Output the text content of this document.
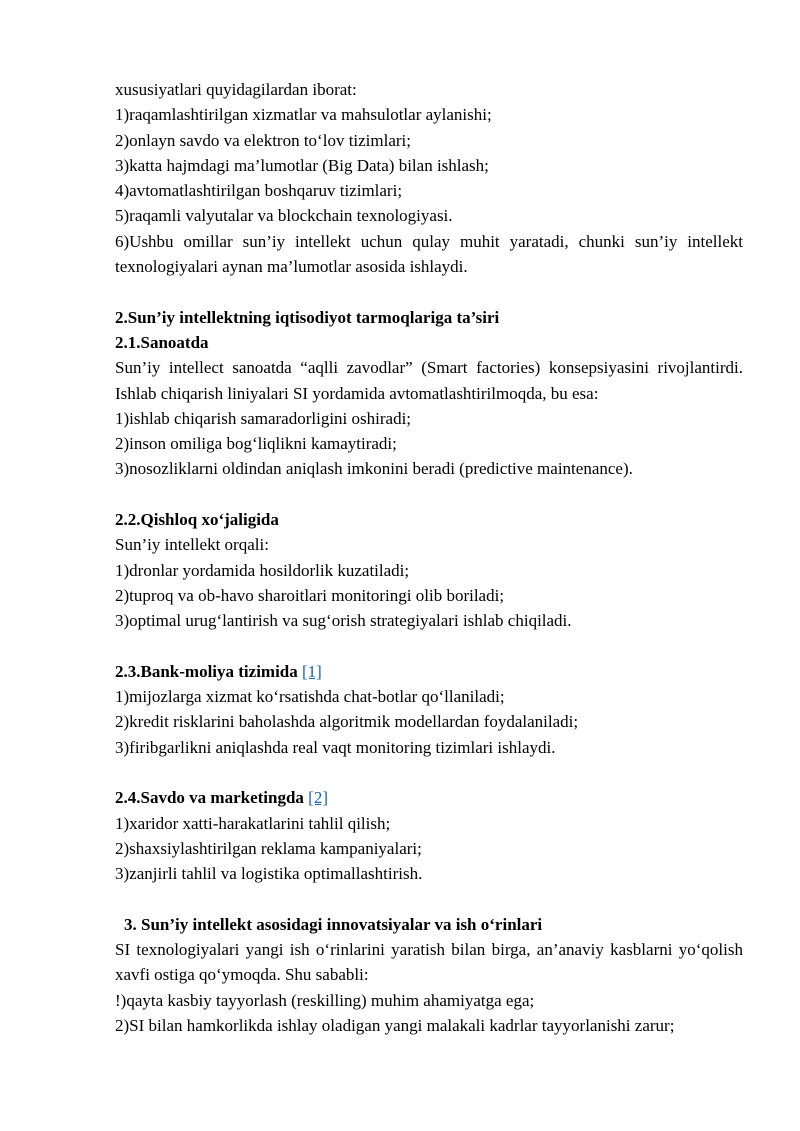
xususiyatlari quyidagilardan iborat:

1)raqamlashtirilgan xizmatlar va mahsulotlar aylanishi;

2)onlayn savdo va elektron to‘lov tizimlari;

3)katta hajmdagi ma’lumotlar (Big Data) bilan ishlash;

4)avtomatlashtirilgan boshqaruv tizimlari;

5)raqamli valyutalar va blockchain texnologiyasi.

6)Ushbu omillar sun’iy intellekt uchun qulay muhit yaratadi, chunki sun’iy intellekt texnologiyalari aynan ma’lumotlar asosida ishlaydi.

2.Sun’iy intellektning iqtisodiyot tarmoqlariga ta’siri

2.1.Sanoatda

Sun’iy intellect sanoatda “aqlli zavodlar” (Smart factories) konsepsiyasini rivojlantirdi. Ishlab chiqarish liniyalari SI yordamida avtomatlashtirilmoqda, bu esa:

1)ishlab chiqarish samaradorligini oshiradi;

2)inson omiliga bog‘liqlikni kamaytiradi;

3)nosozliklarni oldindan aniqlash imkonini beradi (predictive maintenance).

2.2.Qishloq xo‘jaligida

Sun’iy intellekt orqali:

1)dronlar yordamida hosildorlik kuzatiladi;

2)tuproq va ob-havo sharoitlari monitoringi olib boriladi;

3)optimal urug‘lantirish va sug‘orish strategiyalari ishlab chiqiladi.

2.3.Bank-moliya tizimida [1]

1)mijozlarga xizmat ko‘rsatishda chat-botlar qo‘llaniladi;

2)kredit risklarini baholashda algoritmik modellardan foydalaniladi;

3)firibgarlikni aniqlashda real vaqt monitoring tizimlari ishlaydi.

2.4.Savdo va marketingda [2]

1)xaridor xatti-harakatlarini tahlil qilish;

2)shaxsiylashtirilgan reklama kampaniyalari;

3)zanjirli tahlil va logistika optimallashtirish.

3. Sun’iy intellekt asosidagi innovatsiyalar va ish o‘rinlari

SI texnologiyalari yangi ish o‘rinlarini yaratish bilan birga, an’anaviy kasblarni yo‘qolish xavfi ostiga qo‘ymoqda. Shu sababli:

!)qayta kasbiy tayyorlash (reskilling) muhim ahamiyatga ega;

2)SI bilan hamkorlikda ishlay oladigan yangi malakali kadrlar tayyorlanishi zarur;
